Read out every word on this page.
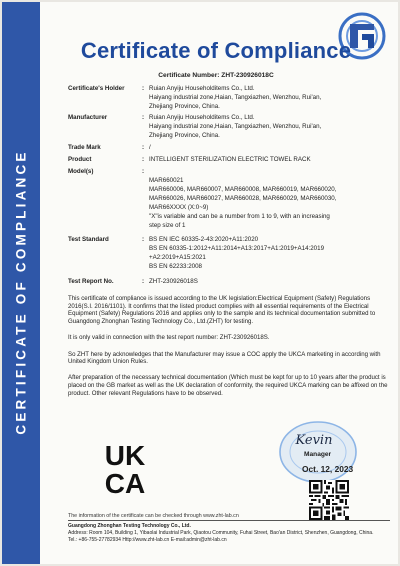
CERTIFICATE OF COMPLIANCE
Certificate of Compliance
Certificate Number: ZHT-230926018C
Certificate's Holder	: Ruian Anyiju Householditems Co., Ltd.
Haiyang industrial zone,Haian, Tangxiazhen, Wenzhou, Rui'an,
Zhejiang Province, China.
Manufacturer	: Ruian Anyiju Householditems Co., Ltd.
Haiyang industrial zone,Haian, Tangxiazhen, Wenzhou, Rui'an,
Zhejiang Province, China.
Trade Mark	: /
Product	: INTELLIGENT STERILIZATION ELECTRIC TOWEL RACK
Model(s)	:
MAR660021
MAR660006, MAR660007, MAR660008, MAR660019, MAR660020,
MAR660026, MAR660027, MAR660028, MAR660029, MAR660030,
MAR66XXXX (X:0~9)
"X"is variable and can be a number from 1 to 9, with an increasing
step size of 1
Test Standard	: BS EN IEC 60335-2-43:2020+A11:2020
BS EN 60335-1:2012+A11:2014+A13:2017+A1:2019+A14:2019
+A2:2019+A15:2021
BS EN 62233:2008
Test Report No.	: ZHT-230926018S

This certificate of compliance is issued according to the UK legislation:Electrical Equipment (Safety) Regulations 2016(S.I. 2016/1101). It confirms that the listed product complies with all essential requirements of the Electrical Equipment (Safety) Regulations 2016 and applies only to the sample and its technical documentation submitted to Guangdong Zhonghan Testing Technology Co., Ltd.(ZHT) for testing.

It is only valid in connection with the test report number: ZHT-230926018S.

So ZHT here by acknowledges that the Manufacturer may issue a COC apply the UKCA marketing in according with United Kingdom Union Rules.

After preparation of the necessary technical documentation (Which must be kept for up to 10 years after the product is placed on the GB market as well as the UK declaration of conformity, the required UKCA marking can be affixed on the product. Other relevant Regulations have to be observed.

UK
CA
Kevin
Manager
Oct. 12, 2023
The information of the certificate can be checked through www.zht-lab.cn
Guangdong Zhonghan Testing Technology Co., Ltd.
Address: Room 104, Building 1, Yibaolai Industrial Park, Qiaotou Community, Fuhai Street, Bao'an District, Shenzhen, Guangdong, China.
Tel.: +86-755-27782934 Http://www.zht-lab.cn E-mail:admin@zht-lab.cn
